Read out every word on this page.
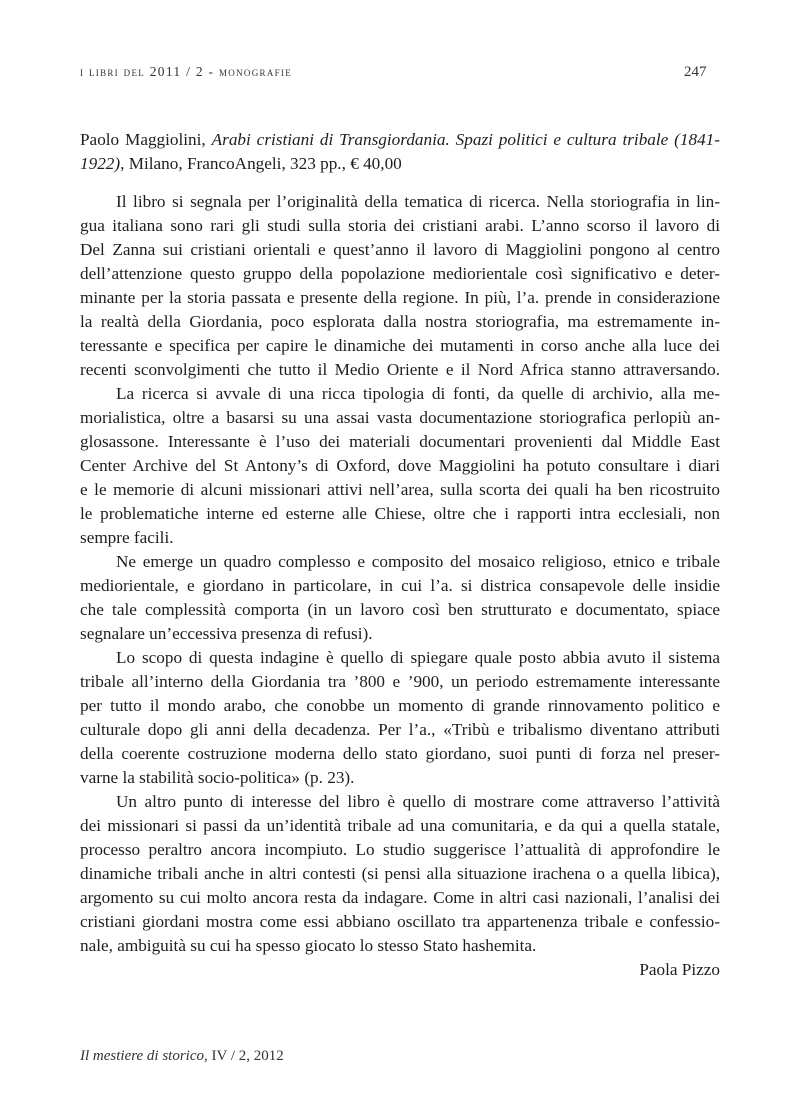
i libri del 2011 / 2 - monografie	247
Paolo Maggiolini, Arabi cristiani di Transgiordania. Spazi politici e cultura tribale (1841-
1922), Milano, FrancoAngeli, 323 pp., € 40,00
Il libro si segnala per l’originalità della tematica di ricerca. Nella storiografia in lin-
gua italiana sono rari gli studi sulla storia dei cristiani arabi. L’anno scorso il lavoro di
Del Zanna sui cristiani orientali e quest’anno il lavoro di Maggiolini pongono al centro
dell’attenzione questo gruppo della popolazione mediorientale così significativo e deter-
minante per la storia passata e presente della regione. In più, l’a. prende in considerazione
la realtà della Giordania, poco esplorata dalla nostra storiografia, ma estremamente in-
teressante e specifica per capire le dinamiche dei mutamenti in corso anche alla luce dei
recenti sconvolgimenti che tutto il Medio Oriente e il Nord Africa stanno attraversando.
La ricerca si avvale di una ricca tipologia di fonti, da quelle di archivio, alla me-
morialistica, oltre a basarsi su una assai vasta documentazione storiografica perlopiù an-
glosassone. Interessante è l’uso dei materiali documentari provenienti dal Middle East
Center Archive del St Antony’s di Oxford, dove Maggiolini ha potuto consultare i diari
e le memorie di alcuni missionari attivi nell’area, sulla scorta dei quali ha ben ricostruito
le problematiche interne ed esterne alle Chiese, oltre che i rapporti intra ecclesiali, non
sempre facili.
Ne emerge un quadro complesso e composito del mosaico religioso, etnico e tribale
mediorientale, e giordano in particolare, in cui l’a. si districa consapevole delle insidie
che tale complessità comporta (in un lavoro così ben strutturato e documentato, spiace
segnalare un’eccessiva presenza di refusi).
Lo scopo di questa indagine è quello di spiegare quale posto abbia avuto il sistema
tribale all’interno della Giordania tra ’800 e ’900, un periodo estremamente interessante
per tutto il mondo arabo, che conobbe un momento di grande rinnovamento politico e
culturale dopo gli anni della decadenza. Per l’a., «Tribù e tribalismo diventano attributi
della coerente costruzione moderna dello stato giordano, suoi punti di forza nel preser-
varne la stabilità socio-politica» (p. 23).
Un altro punto di interesse del libro è quello di mostrare come attraverso l’attività
dei missionari si passi da un’identità tribale ad una comunitaria, e da qui a quella statale,
processo peraltro ancora incompiuto. Lo studio suggerisce l’attualità di approfondire le
dinamiche tribali anche in altri contesti (si pensi alla situazione irachena o a quella libica),
argomento su cui molto ancora resta da indagare. Come in altri casi nazionali, l’analisi dei
cristiani giordani mostra come essi abbiano oscillato tra appartenenza tribale e confessio-
nale, ambiguità su cui ha spesso giocato lo stesso Stato hashemita.
Paola Pizzo
Il mestiere di storico, IV / 2, 2012
